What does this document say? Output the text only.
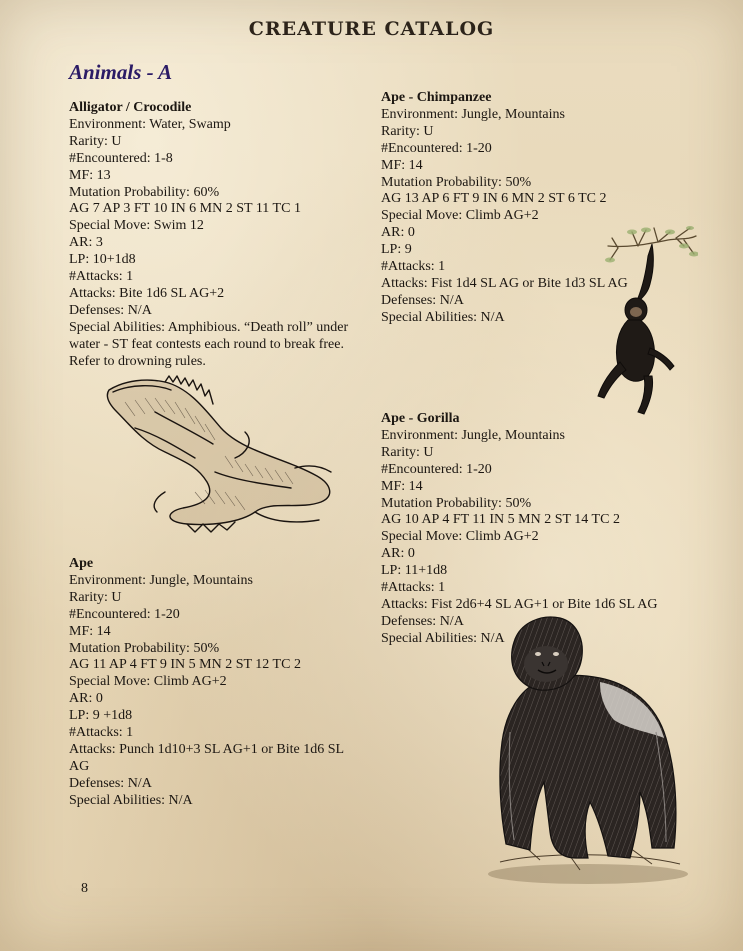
CREATURE CATALOG
Animals - A
Alligator / Crocodile
Environment: Water, Swamp
Rarity: U
#Encountered: 1-8
MF: 13
Mutation Probability: 60%
AG 7 AP 3 FT 10 IN 6 MN 2 ST 11 TC 1
Special Move: Swim 12
AR: 3
LP: 10+1d8
#Attacks: 1
Attacks: Bite 1d6 SL AG+2
Defenses: N/A
Special Abilities: Amphibious. “Death roll” under water - ST feat contests each round to break free. Refer to drowning rules.
Ape
Environment: Jungle, Mountains
Rarity: U
#Encountered: 1-20
MF: 14
Mutation Probability: 50%
AG 11 AP 4 FT 9 IN 5 MN 2 ST 12 TC 2
Special Move: Climb AG+2
AR: 0
LP: 9 +1d8
#Attacks: 1
Attacks: Punch 1d10+3 SL AG+1 or Bite 1d6 SL AG
Defenses: N/A
Special Abilities: N/A
Ape - Chimpanzee
Environment: Jungle, Mountains
Rarity: U
#Encountered: 1-20
MF: 14
Mutation Probability: 50%
AG 13 AP 6 FT 9 IN 6 MN 2 ST 6 TC 2
Special Move: Climb AG+2
AR: 0
LP: 9
#Attacks: 1
Attacks: Fist 1d4 SL AG or Bite 1d3 SL AG
Defenses: N/A
Special Abilities: N/A
Ape - Gorilla
Environment: Jungle, Mountains
Rarity: U
#Encountered: 1-20
MF: 14
Mutation Probability: 50%
AG 10 AP 4 FT 11 IN 5 MN 2 ST 14 TC 2
Special Move: Climb AG+2
AR: 0
LP: 11+1d8
#Attacks: 1
Attacks: Fist 2d6+4 SL AG+1 or Bite 1d6 SL AG
Defenses: N/A
Special Abilities: N/A
8
